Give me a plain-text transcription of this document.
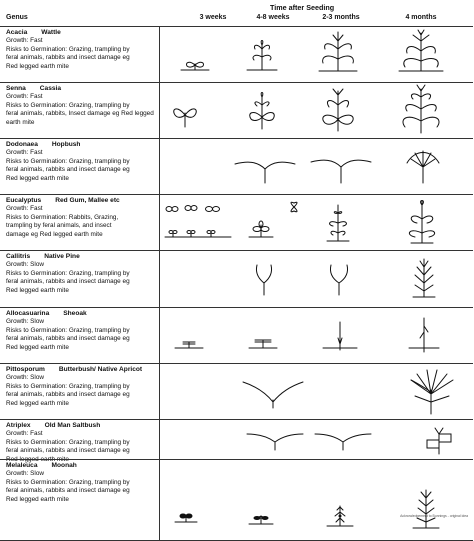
Time after Seeding
Genus	3 weeks	4-8 weeks	2-3 months	4 months
Acacia Wattle
Growth: Fast
Risks to Germination: Grazing, trampling by
feral animals, rabbits and insect damage eg
Red legged earth mite
Senna Cassia
Growth: Fast
Risks to Germination: Grazing, trampling by
feral animals, rabbits, Insect damage eg Red legged
earth mite
Dodonaea Hopbush
Growth: Fast
Risks to Germination: Grazing, trampling by
feral animals, rabbits and insect damage eg
Red legged earth mite
Eucalyptus Red Gum, Mallee etc
Growth: Fast
Risks to Germination: Rabbits, Grazing,
trampling by feral animals, and insect
damage eg Red legged earth mite
Callitris Native Pine
Growth: Slow
Risks to Germination: Grazing, trampling by
feral animals, rabbits and insect damage eg
Red legged earth mite
Allocasuarina Sheoak
Growth: Slow
Risks to Germination: Grazing, trampling by
feral animals, rabbits and insect damage eg
Red legged earth mite
Pittosporum Butterbush/ Native Apricot
Growth: Slow
Risks to Germination: Grazing, trampling by
feral animals, rabbits and insect damage eg
Red legged earth mite
Atriplex Old Man Saltbush
Growth: Fast
Risks to Germination: Grazing, trampling by
feral animals, rabbits and insect damage eg
Red legged earth mite
Melaleuca Moonah
Growth: Slow
Risks to Germination: Grazing, trampling by
feral animals, rabbits and insect damage eg
Red legged earth mite
Acknowledgement to Bunnings - original idea
